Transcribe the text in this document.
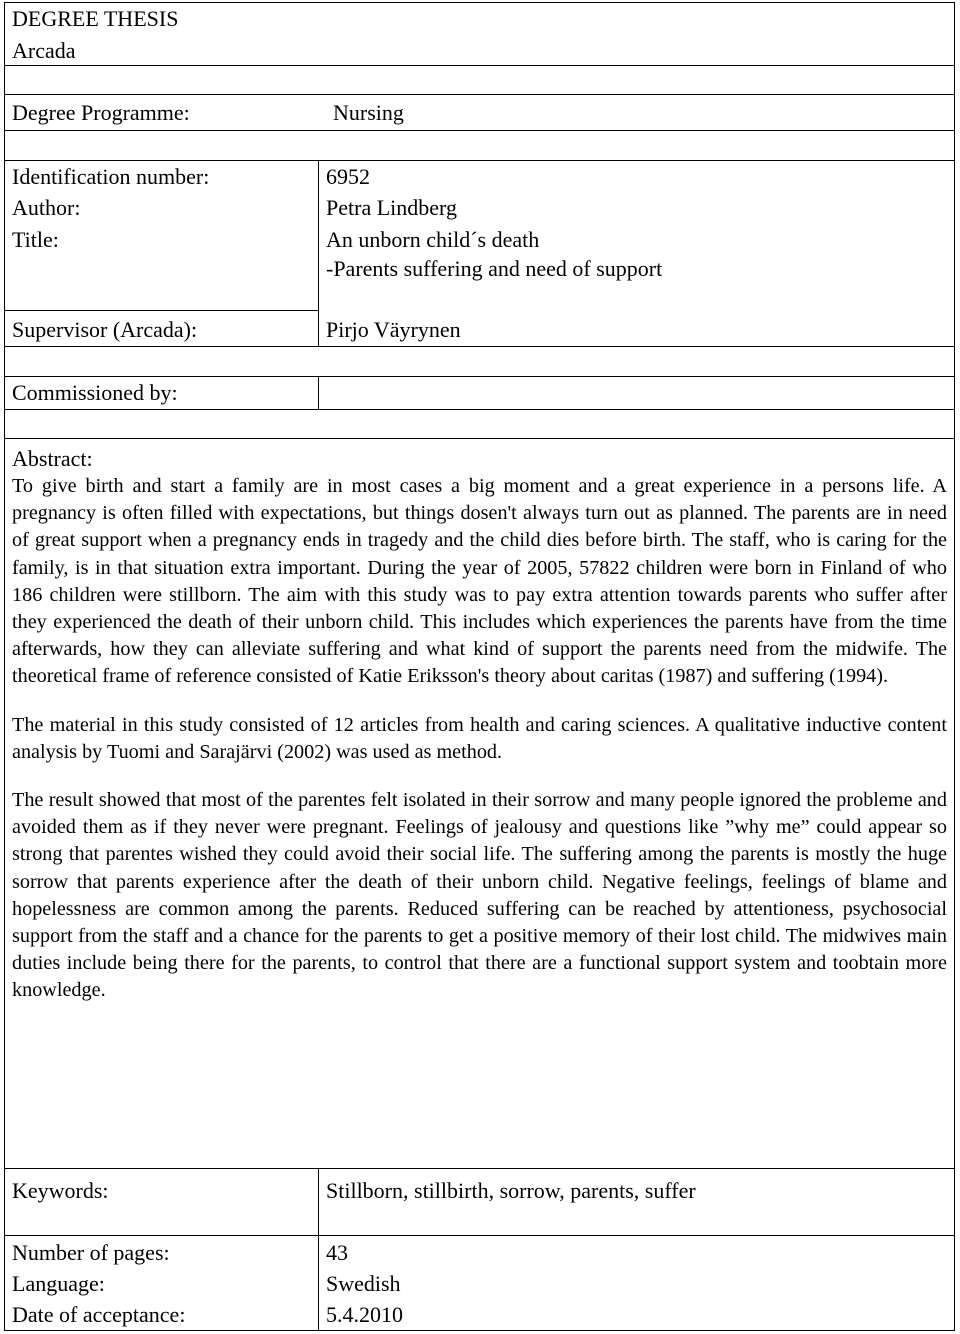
DEGREE THESIS
Arcada
Degree Programme:	Nursing
Identification number:	6952
Author:	Petra Lindberg
Title:	An unborn child´s death
-Parents suffering and need of support
Supervisor (Arcada):	Pirjo Väyrynen
Commissioned by:
Abstract:

To give birth and start a family are in most cases a big moment and a great experience in a persons life. A pregnancy is often filled with expectations, but things dosen't always turn out as planned. The parents are in need of great support when a pregnancy ends in tragedy and the child dies before birth. The staff, who is caring for the family, is in that situation extra important. During the year of 2005, 57822 children were born in Finland of who 186 children were stillborn. The aim with this study was to pay extra attention towards parents who suffer after they experienced the death of their unborn child. This includes which experiences the parents have from the time afterwards, how they can alleviate suffering and what kind of support the parents need from the midwife. The theoretical frame of reference consisted of Katie Eriksson's theory about caritas (1987) and suffering (1994).

The material in this study consisted of 12 articles from health and caring sciences. A qualitative inductive content analysis by Tuomi and Sarajärvi (2002) was used as method.

The result showed that most of the parentes felt isolated in their sorrow and many people ignored the probleme and avoided them as if they never were pregnant. Feelings of jealousy and questions like ”why me” could appear so strong that parentes wished they could avoid their social life. The suffering among the parents is mostly the huge sorrow that parents experience after the death of their unborn child. Negative feelings, feelings of blame and hopelessness are common among the parents. Reduced suffering can be reached by attentioness, psychosocial support from the staff and a chance for the parents to get a positive memory of their lost child. The midwives main duties include being there for the parents, to control that there are a functional support system and toobtain more knowledge.

Keywords:	Stillborn, stillbirth, sorrow, parents, suffer
Number of pages:	43
Language:	Swedish
Date of acceptance:	5.4.2010
